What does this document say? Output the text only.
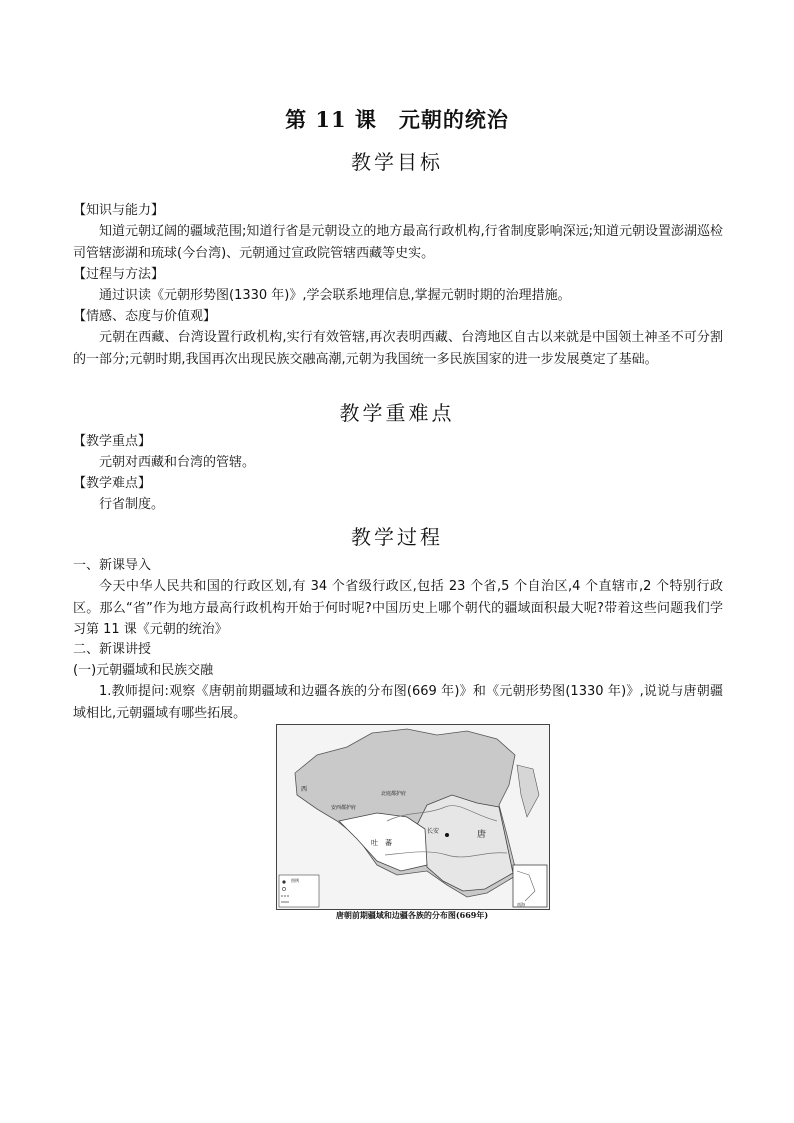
第 11 课　元朝的统治
教学目标

【知识与能力】

知道元朝辽阔的疆域范围;知道行省是元朝设立的地方最高行政机构,行省制度影响深远;知道元朝设置澎湖巡检司管辖澎湖和琉球(今台湾)、元朝通过宣政院管辖西藏等史实。

【过程与方法】

通过识读《元朝形势图(1330 年)》,学会联系地理信息,掌握元朝时期的治理措施。

【情感、态度与价值观】

元朝在西藏、台湾设置行政机构,实行有效管辖,再次表明西藏、台湾地区自古以来就是中国领土神圣不可分割的一部分;元朝时期,我国再次出现民族交融高潮,元朝为我国统一多民族国家的进一步发展奠定了基础。

教学重难点

【教学重点】

元朝对西藏和台湾的管辖。

【教学难点】

行省制度。

教学过程

一、新课导入

今天中华人民共和国的行政区划,有 34 个省级行政区,包括 23 个省,5 个自治区,4 个直辖市,2 个特别行政区。那么“省”作为地方最高行政机构开始于何时呢?中国历史上哪个朝代的疆域面积最大呢?带着这些问题我们学习第 11 课《元朝的统治》

二、新课讲授

(一)元朝疆域和民族交融

1.教师提问:观察《唐朝前期疆域和边疆各族的分布图(669 年)》和《元朝形势图(1330 年)》,说说与唐朝疆域相比,元朝疆域有哪些拓展。

吐　蕃
唐
长安
安西都护府
北庭都护府
西
图例
南海
唐朝前期疆域和边疆各族的分布图(669年)
